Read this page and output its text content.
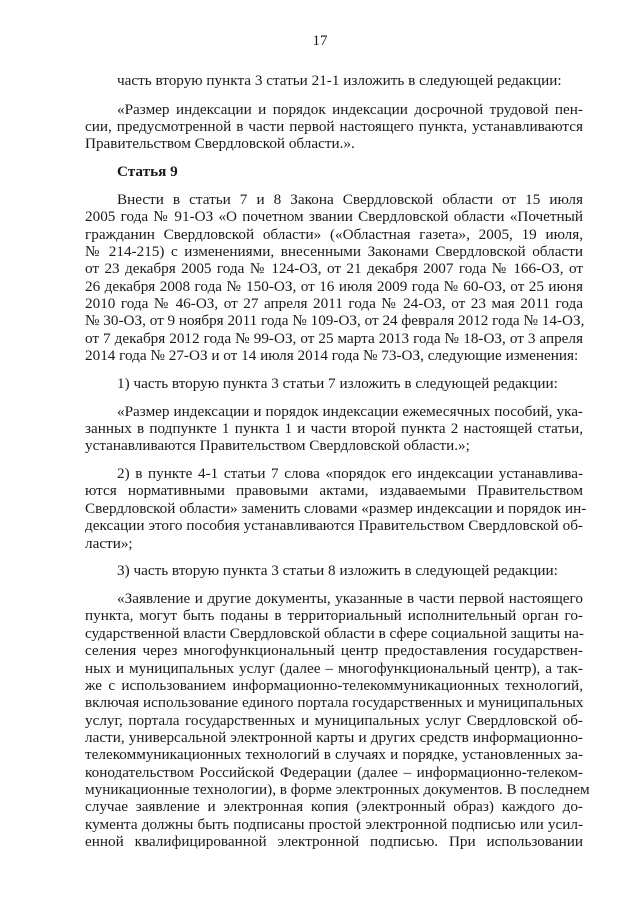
17
часть вторую пункта 3 статьи 21-1 изложить в следующей редакции:
«Размер индексации и порядок индексации досрочной трудовой пен-
сии, предусмотренной в части первой настоящего пункта, устанавливаются
Правительством Свердловской области.».
Статья 9
Внести в статьи 7 и 8 Закона Свердловской области от 15 июля
2005 года № 91-ОЗ «О почетном звании Свердловской области «Почетный
гражданин Свердловской области» («Областная газета», 2005, 19 июля,
№ 214-215) с изменениями, внесенными Законами Свердловской области
от 23 декабря 2005 года № 124-ОЗ, от 21 декабря 2007 года № 166-ОЗ, от
26 декабря 2008 года № 150-ОЗ, от 16 июля 2009 года № 60-ОЗ, от 25 июня
2010 года № 46-ОЗ, от 27 апреля 2011 года № 24-ОЗ, от 23 мая 2011 года
№ 30-ОЗ, от 9 ноября 2011 года № 109-ОЗ, от 24 февраля 2012 года № 14-ОЗ,
от 7 декабря 2012 года № 99-ОЗ, от 25 марта 2013 года № 18-ОЗ, от 3 апреля
2014 года № 27-ОЗ и от 14 июля 2014 года № 73-ОЗ, следующие изменения:
1) часть вторую пункта 3 статьи 7 изложить в следующей редакции:
«Размер индексации и порядок индексации ежемесячных пособий, ука-
занных в подпункте 1 пункта 1 и части второй пункта 2 настоящей статьи,
устанавливаются Правительством Свердловской области.»;
2) в пункте 4-1 статьи 7 слова «порядок его индексации устанавлива-
ются нормативными правовыми актами, издаваемыми Правительством
Свердловской области» заменить словами «размер индексации и порядок ин-
дексации этого пособия устанавливаются Правительством Свердловской об-
ласти»;
3) часть вторую пункта 3 статьи 8 изложить в следующей редакции:
«Заявление и другие документы, указанные в части первой настоящего
пункта, могут быть поданы в территориальный исполнительный орган го-
сударственной власти Свердловской области в сфере социальной защиты на-
селения через многофункциональный центр предоставления государствен-
ных и муниципальных услуг (далее – многофункциональный центр), а так-
же с использованием информационно-телекоммуникационных технологий,
включая использование единого портала государственных и муниципальных
услуг, портала государственных и муниципальных услуг Свердловской об-
ласти, универсальной электронной карты и других средств информационно-
телекоммуникационных технологий в случаях и порядке, установленных за-
конодательством Российской Федерации (далее – информационно-телеком-
муникационные технологии), в форме электронных документов. В последнем
случае заявление и электронная копия (электронный образ) каждого до-
кумента должны быть подписаны простой электронной подписью или усил-
енной квалифицированной электронной подписью. При использовании
